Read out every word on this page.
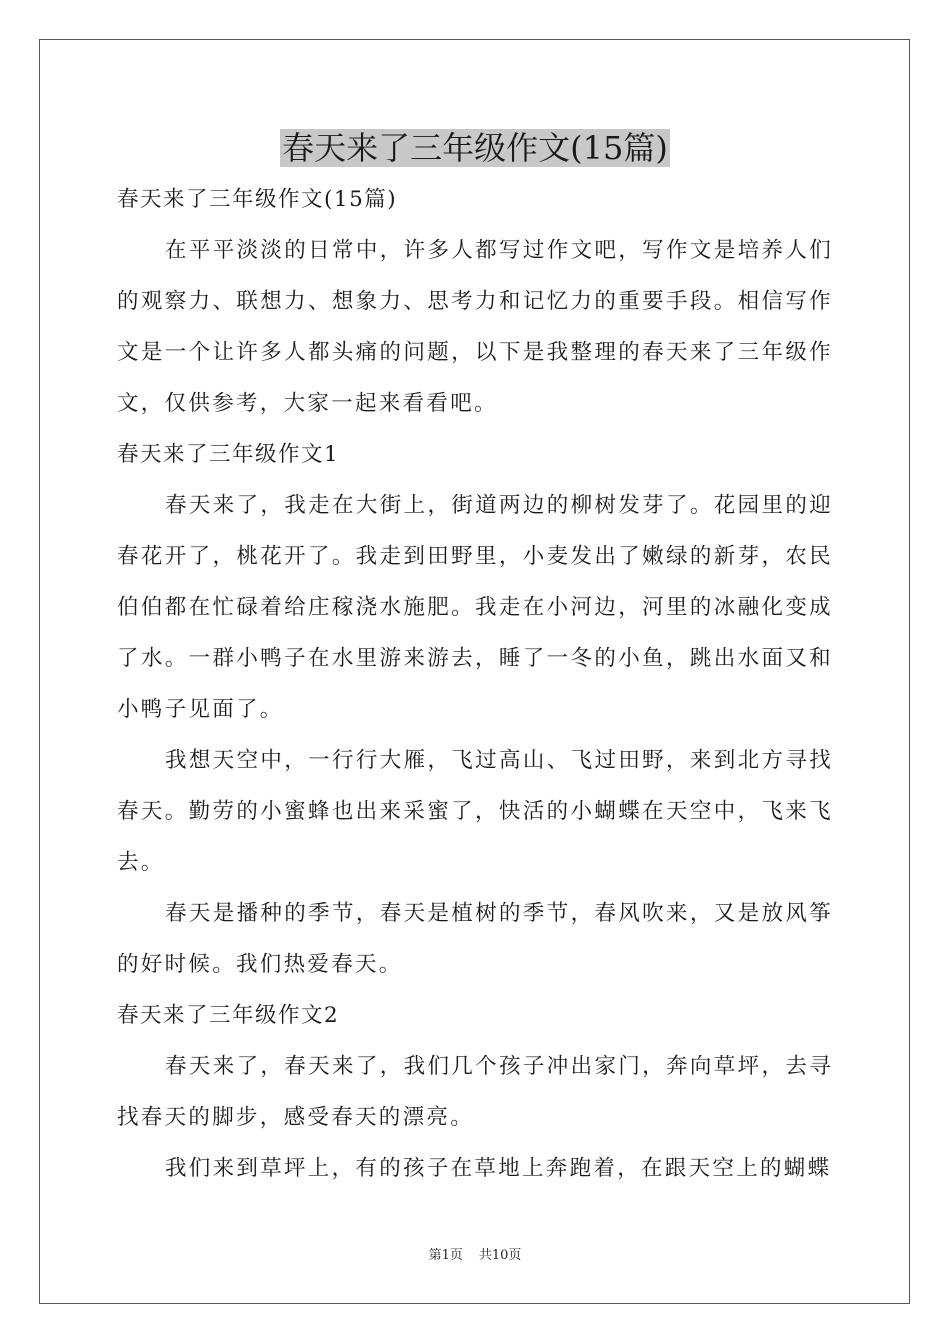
春天来了三年级作文(15篇)

春天来了三年级作文(15篇)

在平平淡淡的日常中，许多人都写过作文吧，写作文是培养人们的观察力、联想力、想象力、思考力和记忆力的重要手段。相信写作文是一个让许多人都头痛的问题，以下是我整理的春天来了三年级作文，仅供参考，大家一起来看看吧。

春天来了三年级作文1

春天来了，我走在大街上，街道两边的柳树发芽了。花园里的迎春花开了，桃花开了。我走到田野里，小麦发出了嫩绿的新芽，农民伯伯都在忙碌着给庄稼浇水施肥。我走在小河边，河里的冰融化变成了水。一群小鸭子在水里游来游去，睡了一冬的小鱼，跳出水面又和小鸭子见面了。

我想天空中，一行行大雁，飞过高山、飞过田野，来到北方寻找春天。勤劳的小蜜蜂也出来采蜜了，快活的小蝴蝶在天空中，飞来飞去。

春天是播种的季节，春天是植树的季节，春风吹来，又是放风筝的好时候。我们热爱春天。

春天来了三年级作文2

春天来了，春天来了，我们几个孩子冲出家门，奔向草坪，去寻找春天的脚步，感受春天的漂亮。

我们来到草坪上，有的孩子在草地上奔跑着，在跟天空上的蝴蝶

第1页 共10页
